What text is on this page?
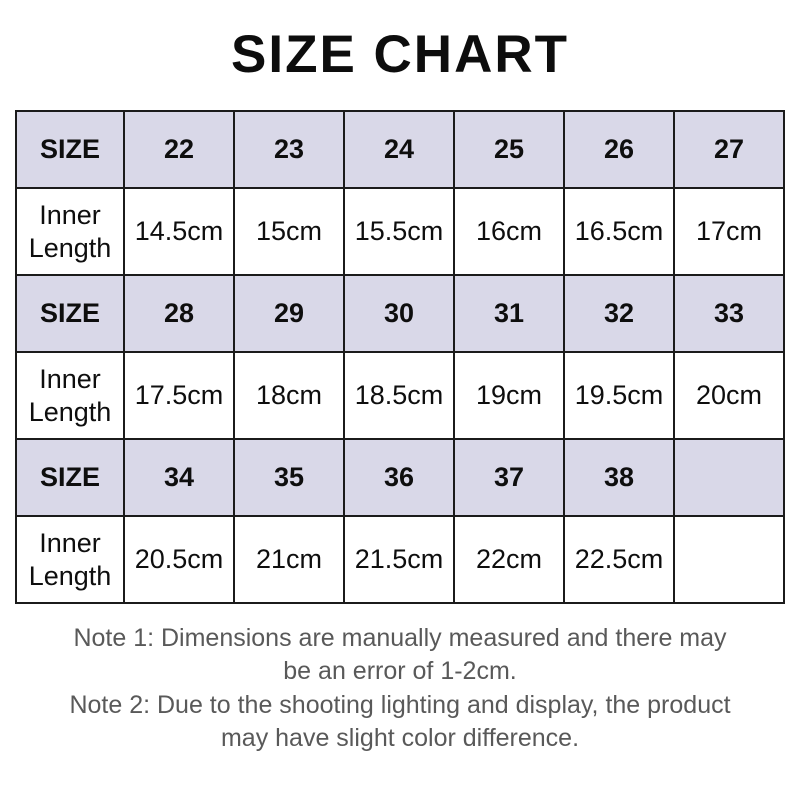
SIZE CHART
SIZE	22	23	24	25	26	27
Inner Length	14.5cm	15cm	15.5cm	16cm	16.5cm	17cm
SIZE	28	29	30	31	32	33
Inner Length	17.5cm	18cm	18.5cm	19cm	19.5cm	20cm
SIZE	34	35	36	37	38	
Inner Length	20.5cm	21cm	21.5cm	22cm	22.5cm	

Note 1: Dimensions are manually measured and there may
be an error of 1-2cm.

Note 2: Due to the shooting lighting and display, the product
may have slight color difference.
